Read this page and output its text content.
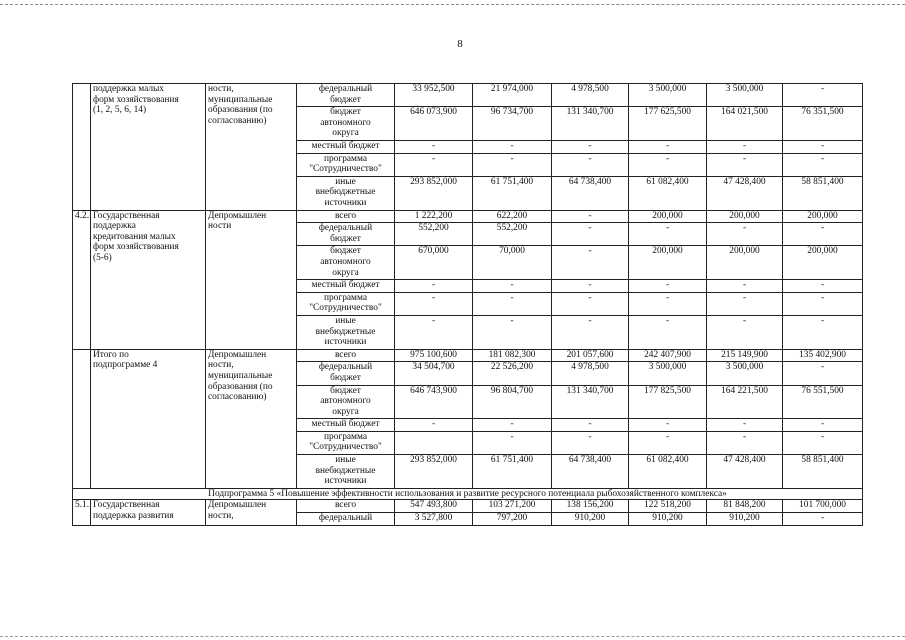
8
	поддержка малых
форм хозяйствования
(1, 2, 5, 6, 14)	ности,
муниципальные
образования (по
согласованию)	федеральный
бюджет	33 952,500	21 974,000	4 978,500	3 500,000	3 500,000	-
			бюджет
автономного
округа	646 073,900	96 734,700	131 340,700	177 625,500	164 021,500	76 351,500
			местный бюджет	-	-	-	-	-	-
			программа
"Сотрудничество"	-	-	-	-	-	-
			иные
внебюджетные
источники	293 852,000	61 751,400	64 738,400	61 082,400	47 428,400	58 851,400
4.2.	Государственная
поддержка
кредитования малых
форм хозяйствования
(5-6)	Депромышлен
ности	всего	1 222,200	622,200	-	200,000	200,000	200,000
			федеральный
бюджет	552,200	552,200	-	-	-	-
			бюджет
автономного
округа	670,000	70,000	-	200,000	200,000	200,000
			местный бюджет	-	-	-	-	-	-
			программа
"Сотрудничество"	-	-	-	-	-	-
			иные
внебюджетные
источники	-	-	-	-	-	-
	Итого по
подпрограмме 4	Депромышлен
ности,
муниципальные
образования (по
согласованию)	всего	975 100,600	181 082,300	201 057,600	242 407,900	215 149,900	135 402,900
			федеральный
бюджет	34 504,700	22 526,200	4 978,500	3 500,000	3 500,000	-
			бюджет
автономного
округа	646 743,900	96 804,700	131 340,700	177 825,500	164 221,500	76 551,500
			местный бюджет	-	-	-	-	-	-
			программа
"Сотрудничество"		-	-	-	-	-
			иные
внебюджетные
источники	293 852,000	61 751,400	64 738,400	61 082,400	47 428,400	58 851,400
Подпрограмма 5 «Повышение эффективности использования и развитие ресурсного потенциала рыбохозяйственного комплекса»									
5.1.	Государственная
поддержка развития	Депромышлен
ности,	всего	547 493,800	103 271,200	138 156,200	122 518,200	81 848,200	101 700,000
			федеральный	3 527,800	797,200	910,200	910,200	910,200	-
